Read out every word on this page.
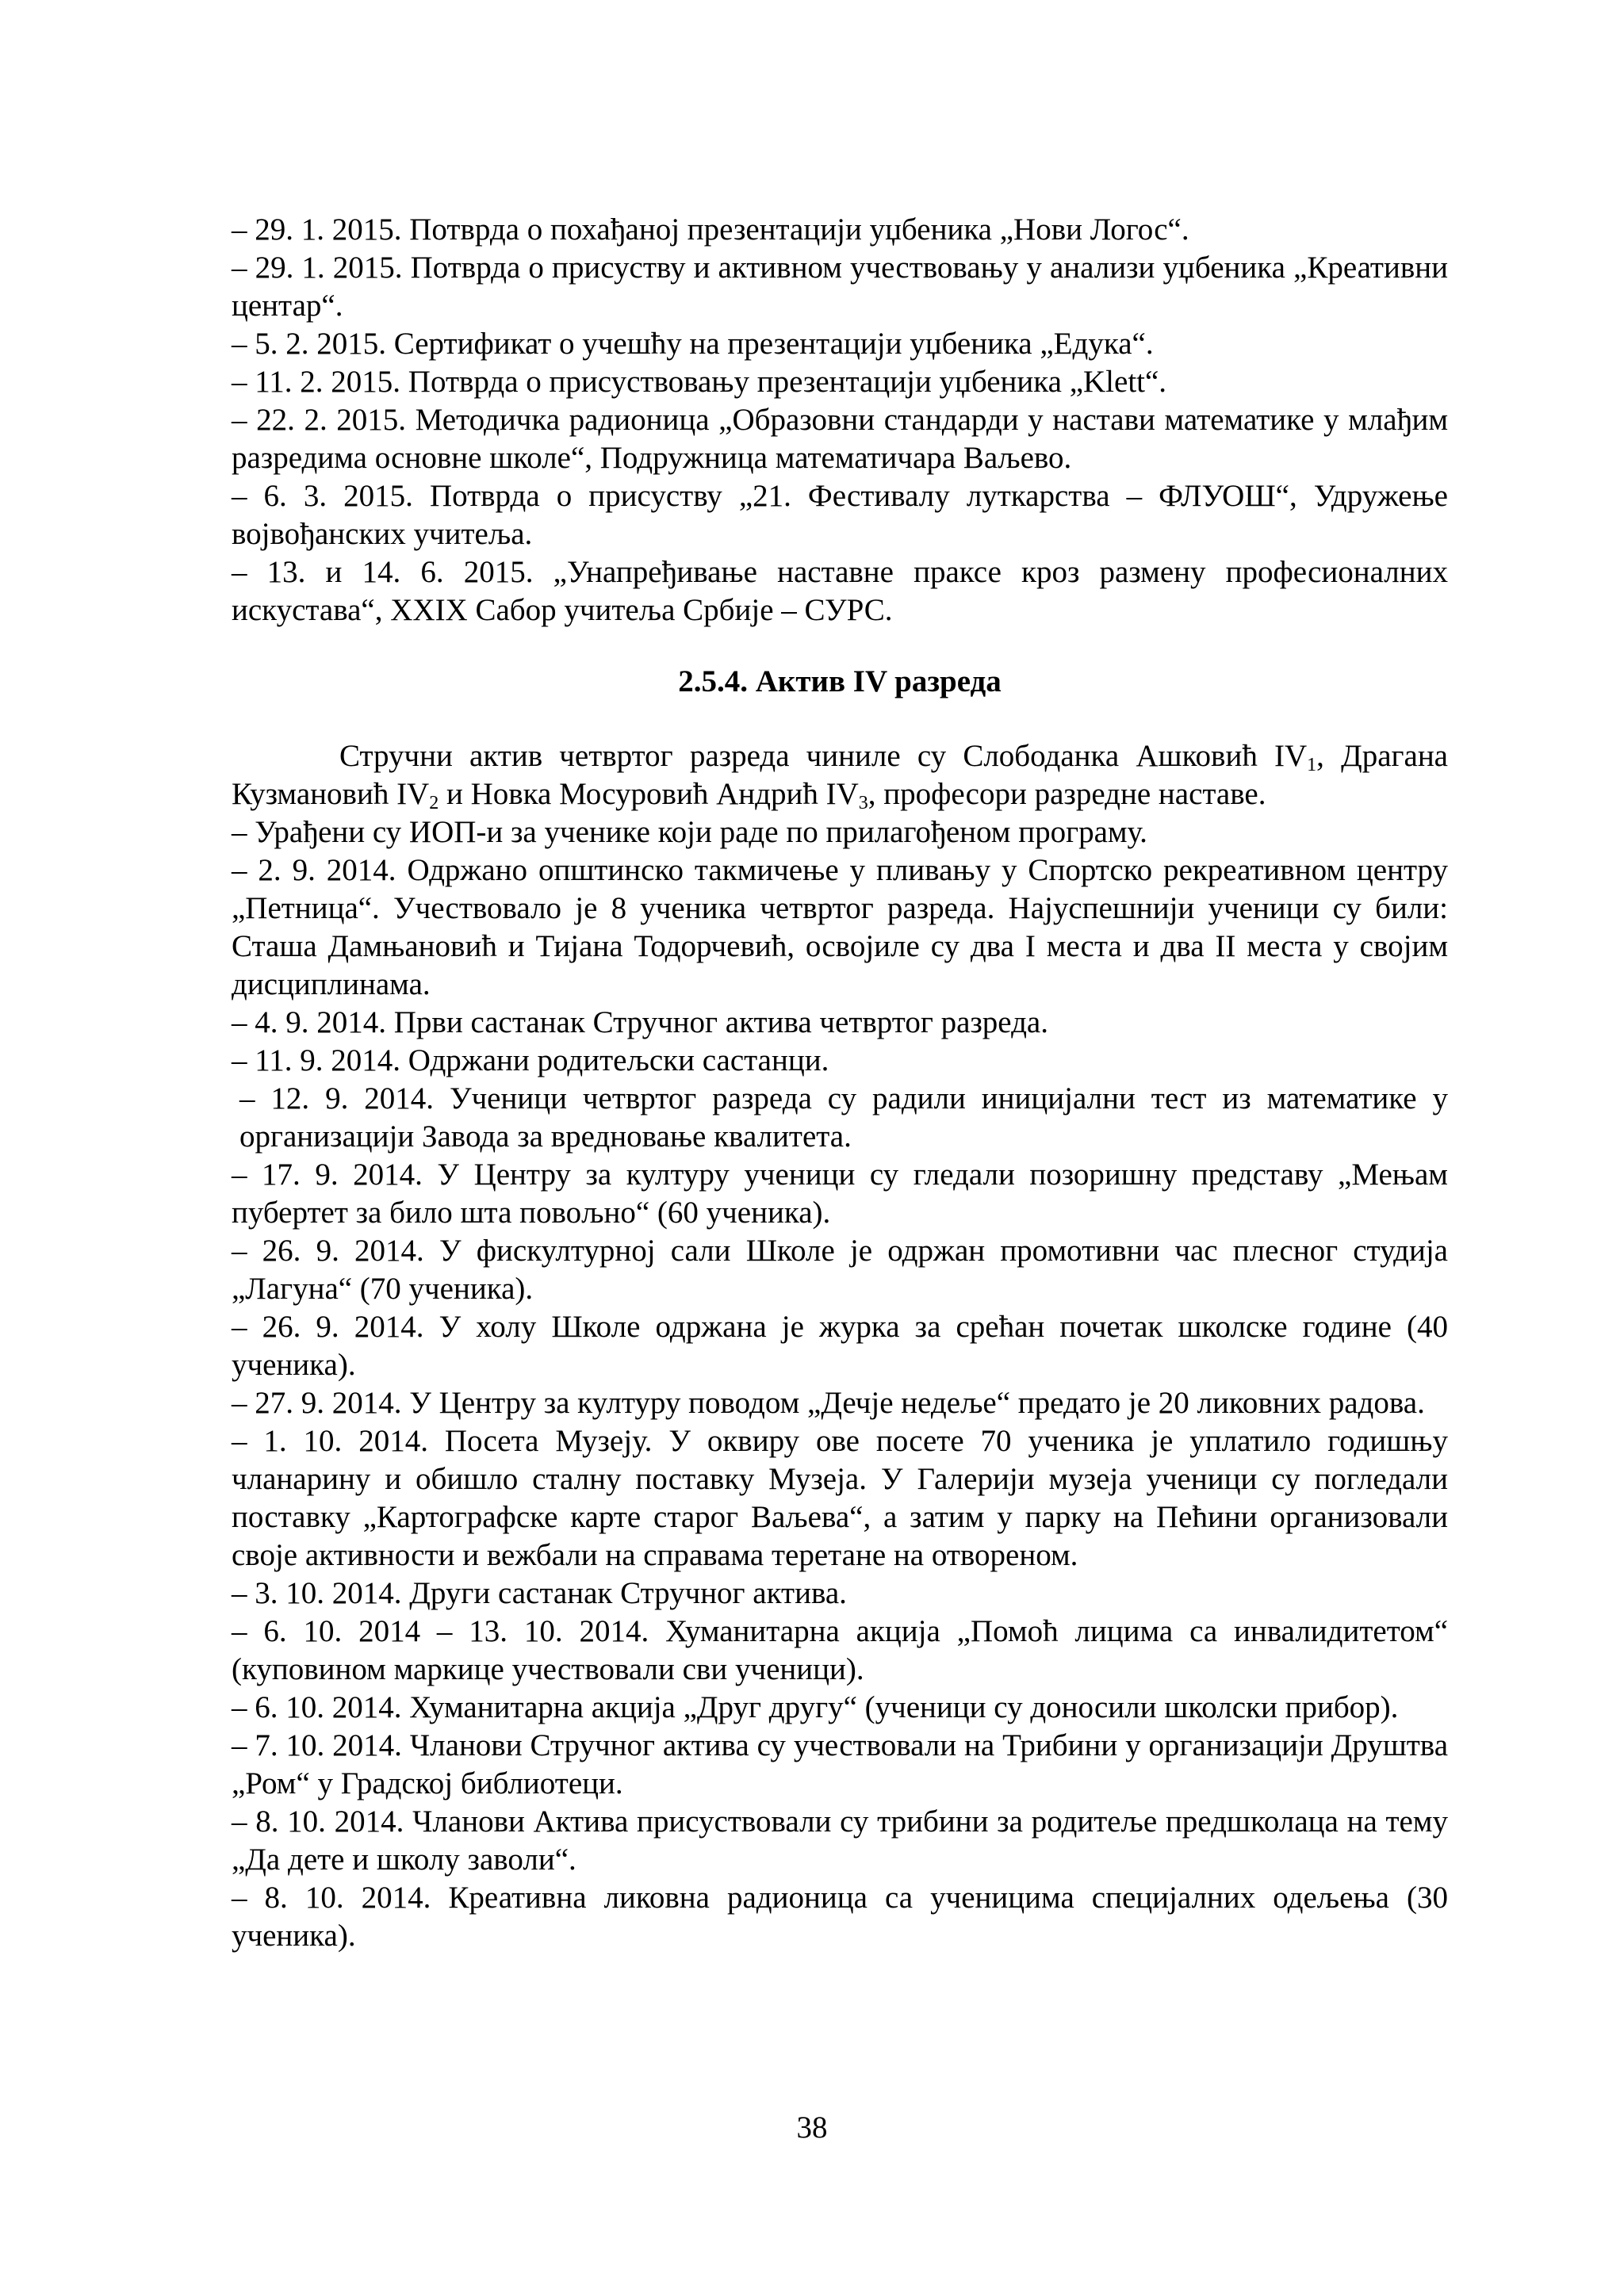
– 29. 1. 2015. Потврда о похађаној презентацији уџбеника „Нови Логос“.

– 29. 1. 2015. Потврда о присуству и активном учествовању у анализи уџбеника „Креативни центар“.

– 5. 2. 2015. Сертификат о учешћу на презентацији уџбеника „Едука“.

– 11. 2. 2015. Потврда о присуствовању презентацији уџбеника „Klett“.

– 22. 2. 2015. Методичка радионица „Образовни стандарди у настави математике у млађим разредима основне школе“, Подружница математичара Ваљево.

– 6. 3. 2015. Потврда о присуству „21. Фестивалу луткарства – ФЛУОШ“, Удружење војвођанских учитеља.

– 13. и 14. 6. 2015. „Унапређивање наставне праксе кроз размену професионалних искустава“, XXIX Сабор учитеља Србије – СУРС.

2.5.4. Актив IV разреда

Стручни актив четвртог разреда чиниле су Слободанка Ашковић $IV_1$, Драгана Кузмановић $IV_2$ и Новка Мосуровић Андрић $IV_3$, професори разредне наставе.

– Урађени су ИОП-и за ученике који раде по прилагођеном програму.

– 2. 9. 2014. Одржано општинско такмичење у пливању у Спортско рекреативном центру „Петница“. Учествовало је 8 ученика четвртог разреда. Најуспешнији ученици су били: Сташа Дамњановић и Тијана Тодорчевић, освојиле су два I места и два II места у својим дисциплинама.

– 4. 9. 2014. Први састанак Стручног актива четвртог разреда.

– 11. 9. 2014. Одржани родитељски састанци.

– 12. 9. 2014. Ученици четвртог разреда су радили иницијални тест из математике у организацији Завода за вредновање квалитета.

– 17. 9. 2014. У Центру за културу ученици су гледали позоришну представу „Мењам пубертет за било шта повољно“ (60 ученика).

– 26. 9. 2014. У фискултурној сали Школе је одржан промотивни час плесног студија „Лагуна“ (70 ученика).

– 26. 9. 2014. У холу Школе одржана је журка за срећан почетак школске године (40 ученика).

– 27. 9. 2014. У Центру за културу поводом „Дечје недеље“ предато је 20 ликовних радова.

– 1. 10. 2014. Посета Музеју. У оквиру ове посете 70 ученика је уплатило годишњу чланарину и обишло сталну поставку Музеја. У Галерији музеја ученици су погледали поставку „Картографске карте старог Ваљева“, а затим у парку на Пећини организовали своје активности и вежбали на справама теретане на отвореном.

– 3. 10. 2014. Други састанак Стручног актива.

– 6. 10. 2014 – 13. 10. 2014. Хуманитарна акција „Помоћ лицима са инвалидитетом“ (куповином маркице учествовали сви ученици).

– 6. 10. 2014. Хуманитарна акција „Друг другу“ (ученици су доносили школски прибор).

– 7. 10. 2014. Чланови Стручног актива су учествовали на Трибини у организацији Друштва „Ром“ у Градској библиотеци.

– 8. 10. 2014. Чланови Актива присуствовали су трибини за родитеље предшколаца на тему „Да дете и школу заволи“.

– 8. 10. 2014. Креативна ликовна радионица са ученицима специјалних одељења (30 ученика).

38
